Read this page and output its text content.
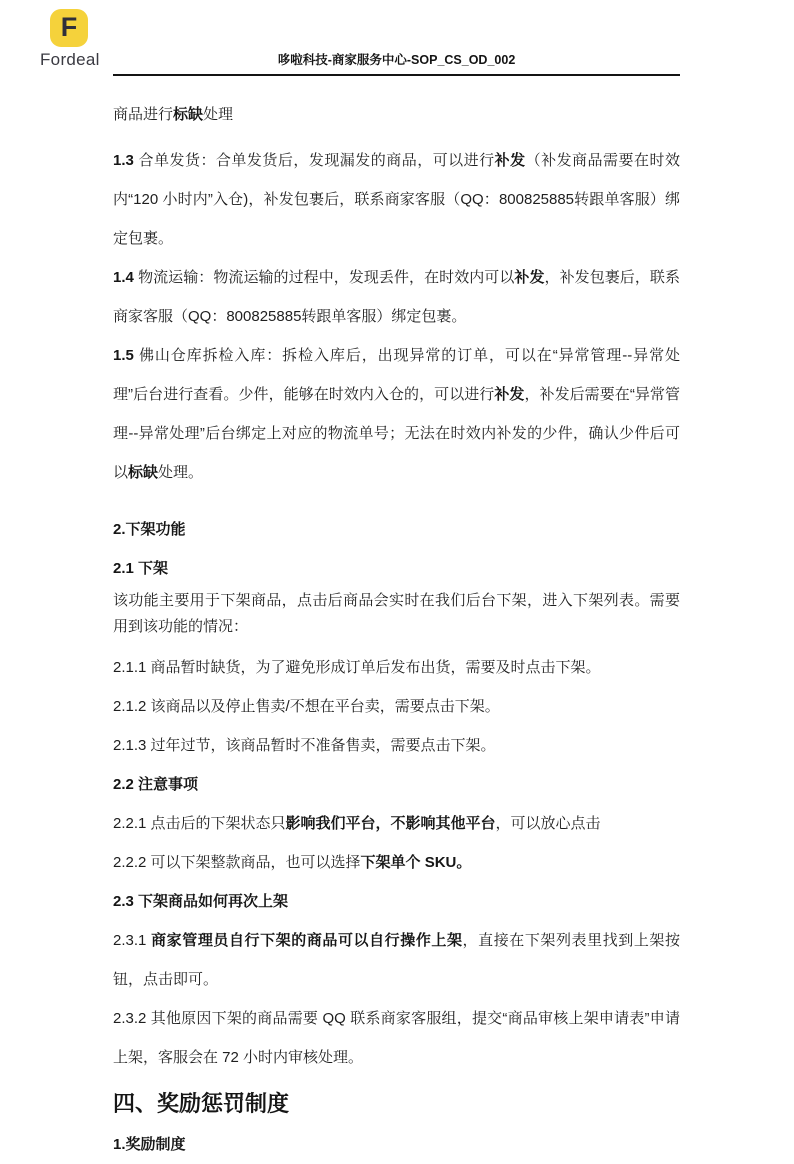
F
Fordeal	哆啦科技-商家服务中心-SOP_CS_OD_002

商品进行标缺处理

1.3 合单发货：合单发货后，发现漏发的商品，可以进行补发（补发商品需要在时效内“120 小时内”入仓)，补发包裹后，联系商家客服（QQ：800825885转跟单客服）绑定包裹。

1.4 物流运输：物流运输的过程中，发现丢件，在时效内可以补发，补发包裹后，联系商家客服（QQ：800825885转跟单客服）绑定包裹。

1.5 佛山仓库拆检入库：拆检入库后，出现异常的订单，可以在“异常管理--异常处理”后台进行查看。少件，能够在时效内入仓的，可以进行补发，补发后需要在“异常管理--异常处理”后台绑定上对应的物流单号；无法在时效内补发的少件，确认少件后可以标缺处理。

2.下架功能

2.1 下架

该功能主要用于下架商品，点击后商品会实时在我们后台下架，进入下架列表。需要用到该功能的情况：

2.1.1 商品暂时缺货，为了避免形成订单后发布出货，需要及时点击下架。

2.1.2 该商品以及停止售卖/不想在平台卖，需要点击下架。

2.1.3 过年过节，该商品暂时不准备售卖，需要点击下架。

2.2 注意事项

2.2.1 点击后的下架状态只影响我们平台，不影响其他平台，可以放心点击

2.2.2 可以下架整款商品，也可以选择下架单个 SKU。

2.3 下架商品如何再次上架

2.3.1 商家管理员自行下架的商品可以自行操作上架，直接在下架列表里找到上架按钮，点击即可。

2.3.2 其他原因下架的商品需要 QQ 联系商家客服组，提交“商品审核上架申请表”申请上架，客服会在 72 小时内审核处理。

四、奖励惩罚制度

1.奖励制度
